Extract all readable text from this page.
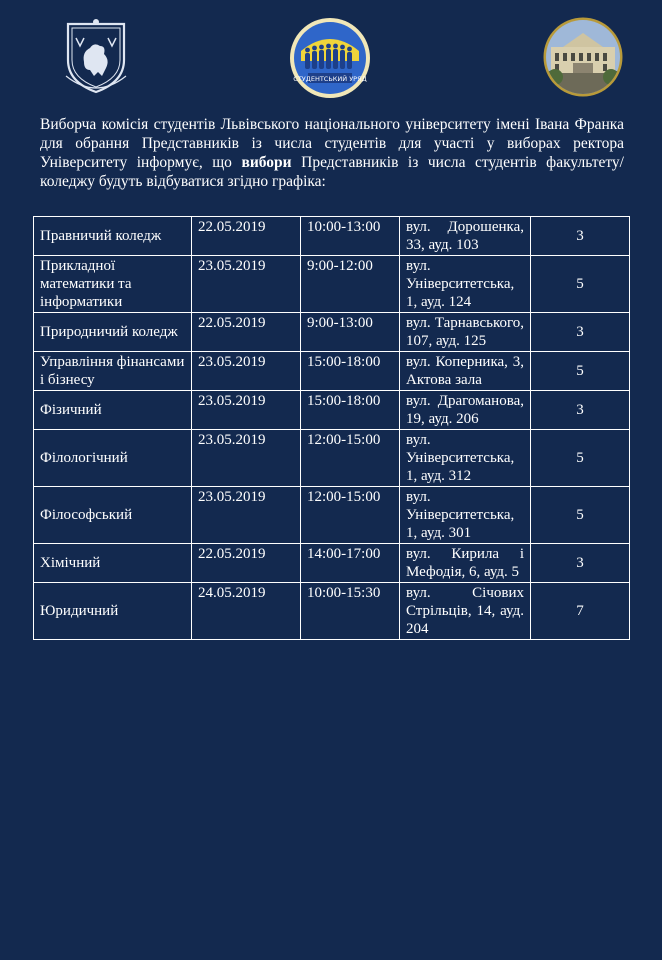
СТУДЕНТСЬКИЙ УРЯД
Виборча комісія студентів Львівського національного університету імені Івана Франка для обрання Представників із числа студентів для участі у виборах ректора Університету інформує, що вибори Представників із числа студентів факультету/коледжу будуть відбуватися згідно графіка:
Правничий коледж	22.05.2019	10:00-13:00	вул. Дорошенка, 33, ауд. 103	3
Прикладної математики та інформатики	23.05.2019	9:00-12:00	вул. Університетська, 1, ауд. 124	5
Природничий коледж	22.05.2019	9:00-13:00	вул. Тарнавського, 107, ауд. 125	3
Управління фінансами і бізнесу	23.05.2019	15:00-18:00	вул. Коперника, 3, Актова зала	5
Фізичний	23.05.2019	15:00-18:00	вул. Драгоманова, 19, ауд. 206	3
Філологічний	23.05.2019	12:00-15:00	вул. Університетська, 1, ауд. 312	5
Філософський	23.05.2019	12:00-15:00	вул. Університетська, 1, ауд. 301	5
Хімічний	22.05.2019	14:00-17:00	вул. Кирила і Мефодія, 6, ауд. 5	3
Юридичний	24.05.2019	10:00-15:30	вул. Січових Стрільців, 14, ауд. 204	7
